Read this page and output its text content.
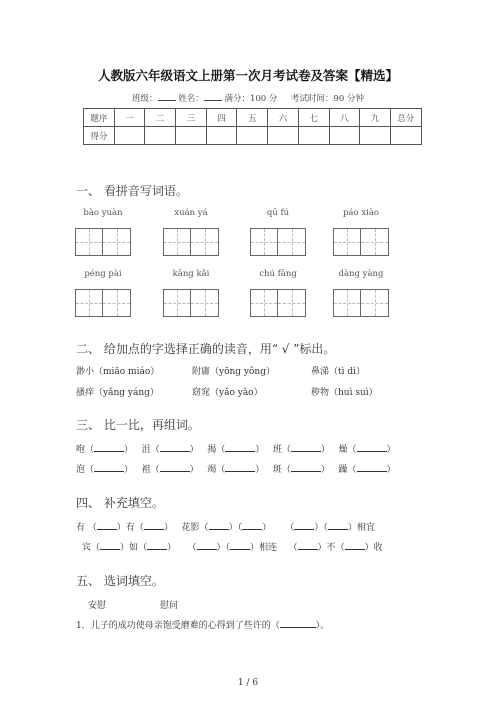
人教版六年级语文上册第一次月考试卷及答案【精选】
班级： 姓名： 满分：100 分 考试时间：90 分钟
题序	一	二	三	四	五	六	七	八	九	总分
得分										
一、 看拼音写词语。
bào yuàn	xuán yá	qū fú	páo xiào
péng pài	kāng kǎi	chú fāng	dàng yàng
二、 给加点的字选择正确的读音，用“ √ ”标出。
渺小（miǎo miáo）	附庸（yōng yǒng）	鼻涕（tì dì）
搔痒（yǎng yáng）	窈窕（yǎo yǎo）	秽物（huì suì）
三、 比一比，再组词。
咆（	）   沮（	）   揭（	）   班（	）   燥（	）
泡（	）   祖（	）   竭（	）   斑（	）   躁（	）
四、 补充填空。
有 （ ）有（ ）   花影（ ）（ ）     （ ）（ ）相宜
宾（ ）如（ ）    （ ）（ ）相连    （ ）不（ ）收
五、 选词填空。
安慰	慰问
1．儿子的成功使母亲饱受磨难的心得到了些许的（	）。
1 / 6
